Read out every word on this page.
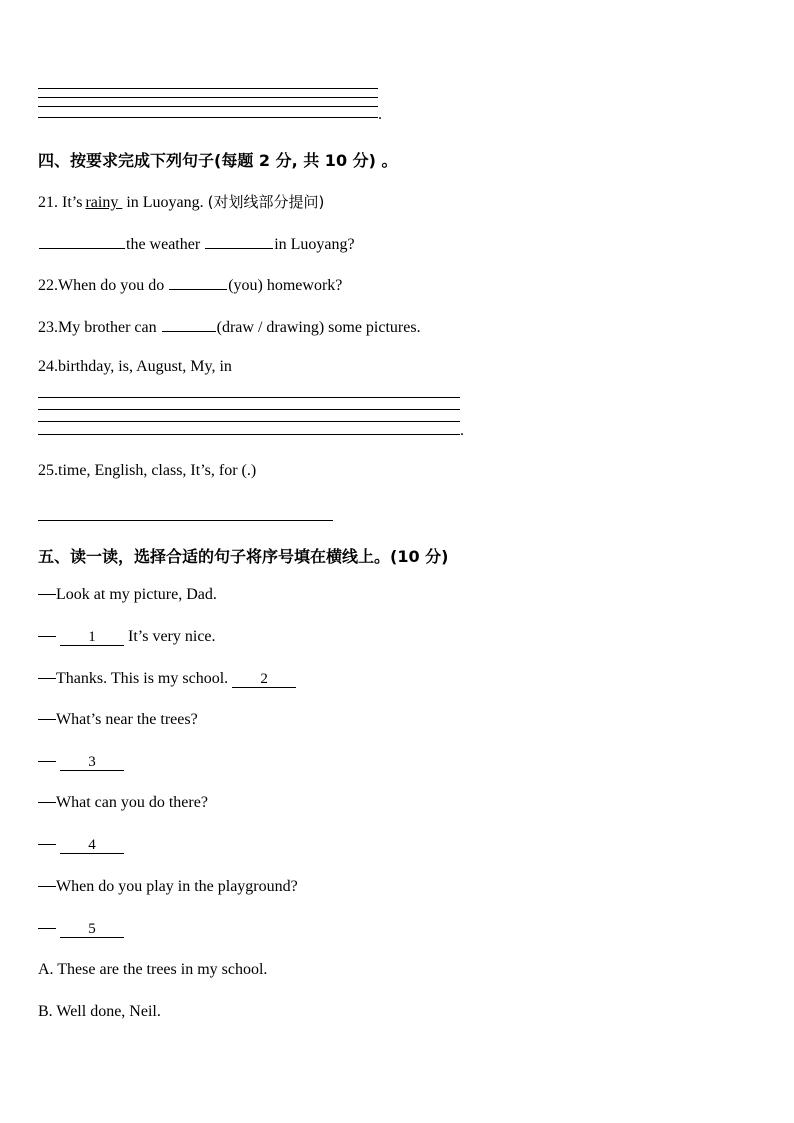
.
四、按要求完成下列句子(每题 2 分, 共 10 分) 。
21. It’s rainy in Luoyang. (对划线部分提问)
the weather	in Luoyang?
22.When do you do	(you) homework?
23.My brother can	(draw / drawing) some pictures.
24.birthday, is, August, My, in
.
25.time, English, class, It’s, for (.)
五、读一读，选择合适的句子将序号填在横线上。(10 分)
Look at my picture, Dad.
1 It’s very nice.
Thanks. This is my school. 2
What’s near the trees?
3
What can you do there?
4
When do you play in the playground?
5
A. These are the trees in my school.
B. Well done, Neil.
